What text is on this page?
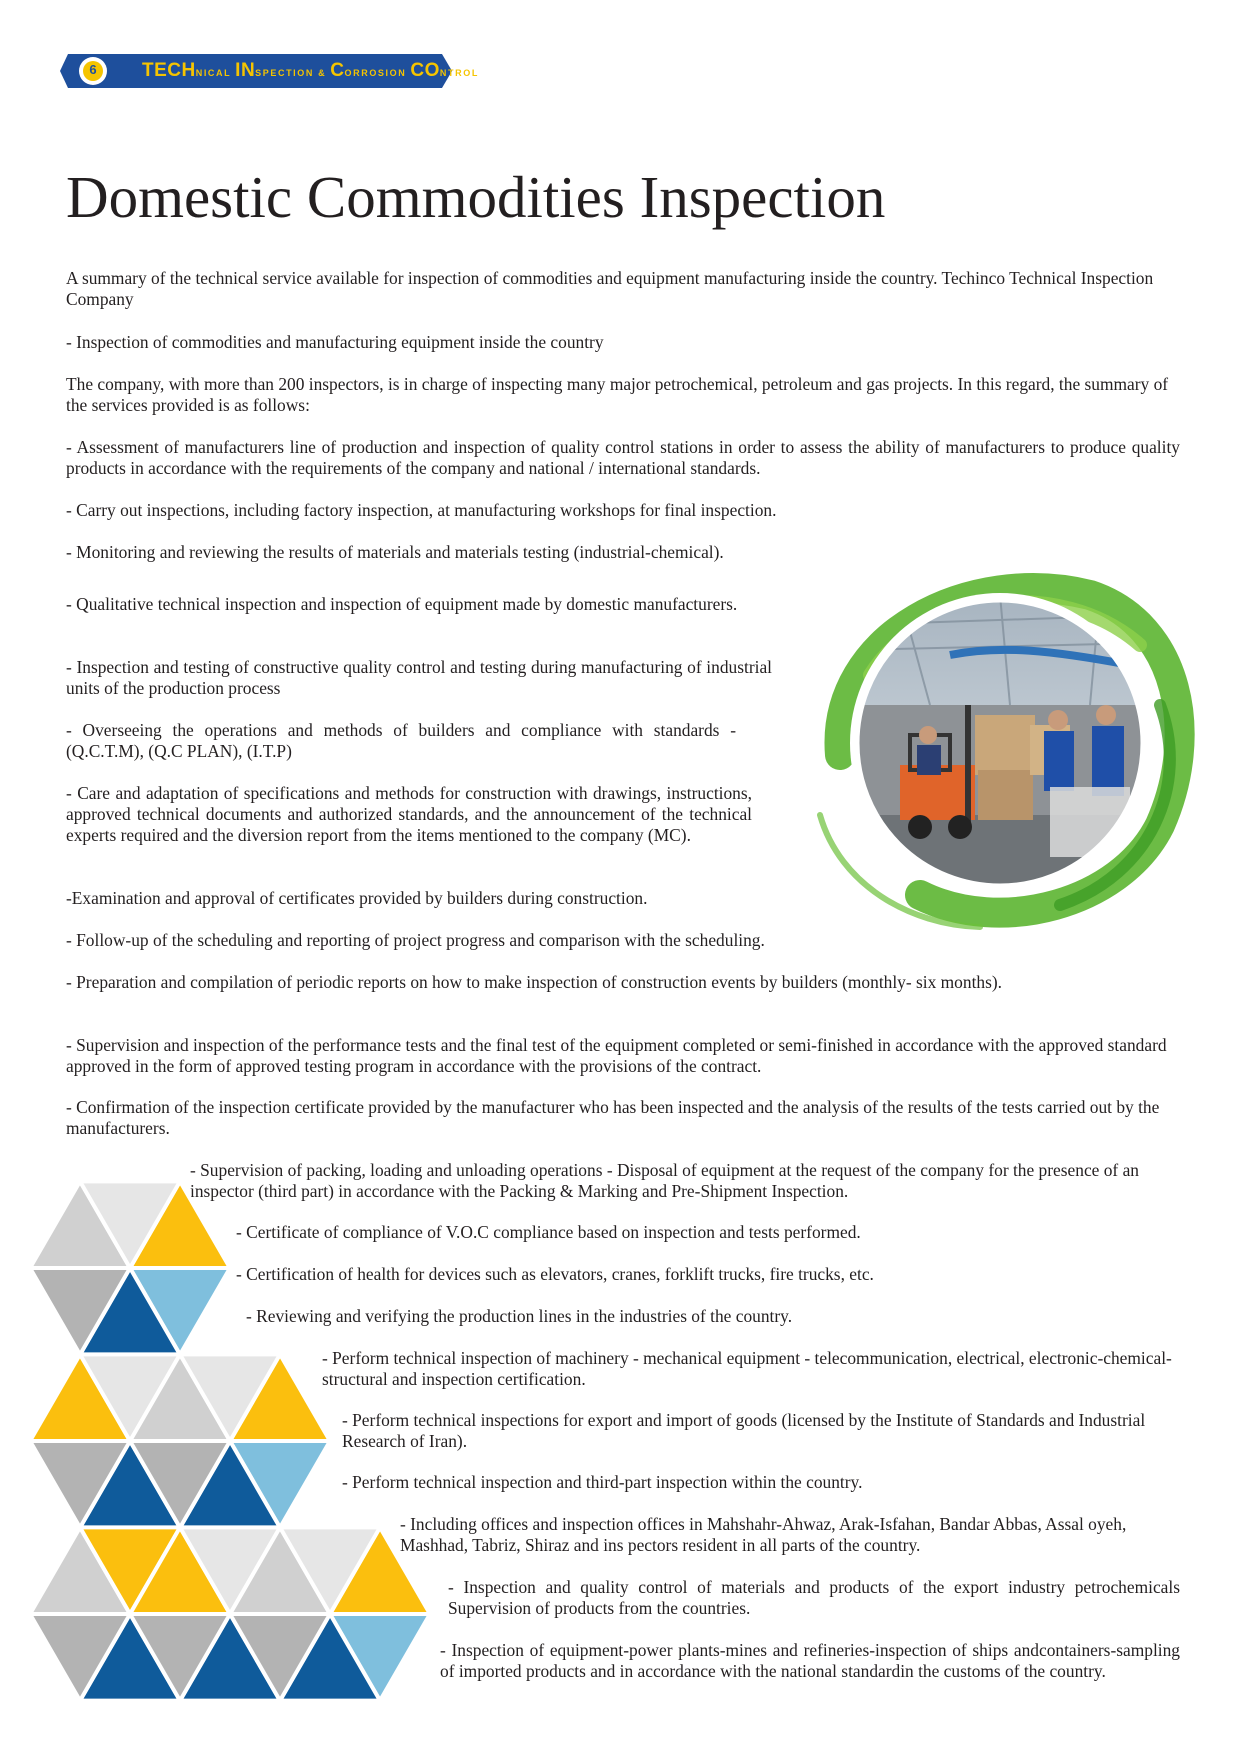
6 TECHNICAL INSPECTION & CORROSION CONTROL
Domestic Commodities Inspection

A summary of the technical service available for inspection of commodities and equipment manufacturing inside the country. Techinco Technical Inspection Company

- Inspection of commodities and manufacturing equipment inside the country

The company, with more than 200 inspectors, is in charge of inspecting many major petrochemical, petroleum and gas projects. In this regard, the summary of the services provided is as follows:

- Assessment of manufacturers line of production and inspection of quality control stations in order to assess the ability of manufacturers to produce quality products in accordance with the requirements of the company and national / international standards.

- Carry out inspections, including factory inspection, at manufacturing workshops for final inspection.

- Monitoring and reviewing the results of materials and materials testing (industrial-chemical).

- Qualitative technical inspection and inspection of equipment made by domestic manufacturers.

- Inspection and testing of constructive quality control and testing during manufacturing of industrial units of the production process

- Overseeing the operations and methods of builders and compliance with standards - (Q.C.T.M), (Q.C PLAN), (I.T.P)

- Care and adaptation of specifications and methods for construction with drawings, instructions, approved technical documents and authorized standards, and the announcement of the technical experts required and the diversion report from the items mentioned to the company (MC).

-Examination and approval of certificates provided by builders during construction.

- Follow-up of the scheduling and reporting of project progress and comparison with the scheduling.

- Preparation and compilation of periodic reports on how to make inspection of construction events by builders (monthly- six months).

- Supervision and inspection of the performance tests and the final test of the equipment completed or semi-finished in accordance with the approved standard approved in the form of approved testing program in accordance with the provisions of the contract.

- Confirmation of the inspection certificate provided by the manufacturer who has been inspected and the analysis of the results of the tests carried out by the manufacturers.

- Supervision of packing, loading and unloading operations - Disposal of equipment at the request of the company for the presence of an inspector (third part) in accordance with the Packing & Marking and Pre-Shipment Inspection.

- Certificate of compliance of V.O.C compliance based on inspection and tests performed.

- Certification of health for devices such as elevators, cranes, forklift trucks, fire trucks, etc.

- Reviewing and verifying the production lines in the industries of the country.

- Perform technical inspection of machinery - mechanical equipment - telecommunication, electrical, electronic-chemical-structural and inspection certification.

- Perform technical inspections for export and import of goods (licensed by the Institute of Standards and Industrial Research of Iran).

- Perform technical inspection and third-part inspection within the country.

- Including offices and inspection offices in Mahshahr-Ahwaz, Arak-Isfahan, Bandar Abbas, Assal oyeh, Mashhad, Tabriz, Shiraz and ins pectors resident in all parts of the country.

- Inspection and quality control of materials and products of the export industry petrochemicals Supervision of products from the countries.

- Inspection of equipment-power plants-mines and refineries-inspection of ships andcontainers-sampling of imported products and in accordance with the national standardin the customs of the country.
